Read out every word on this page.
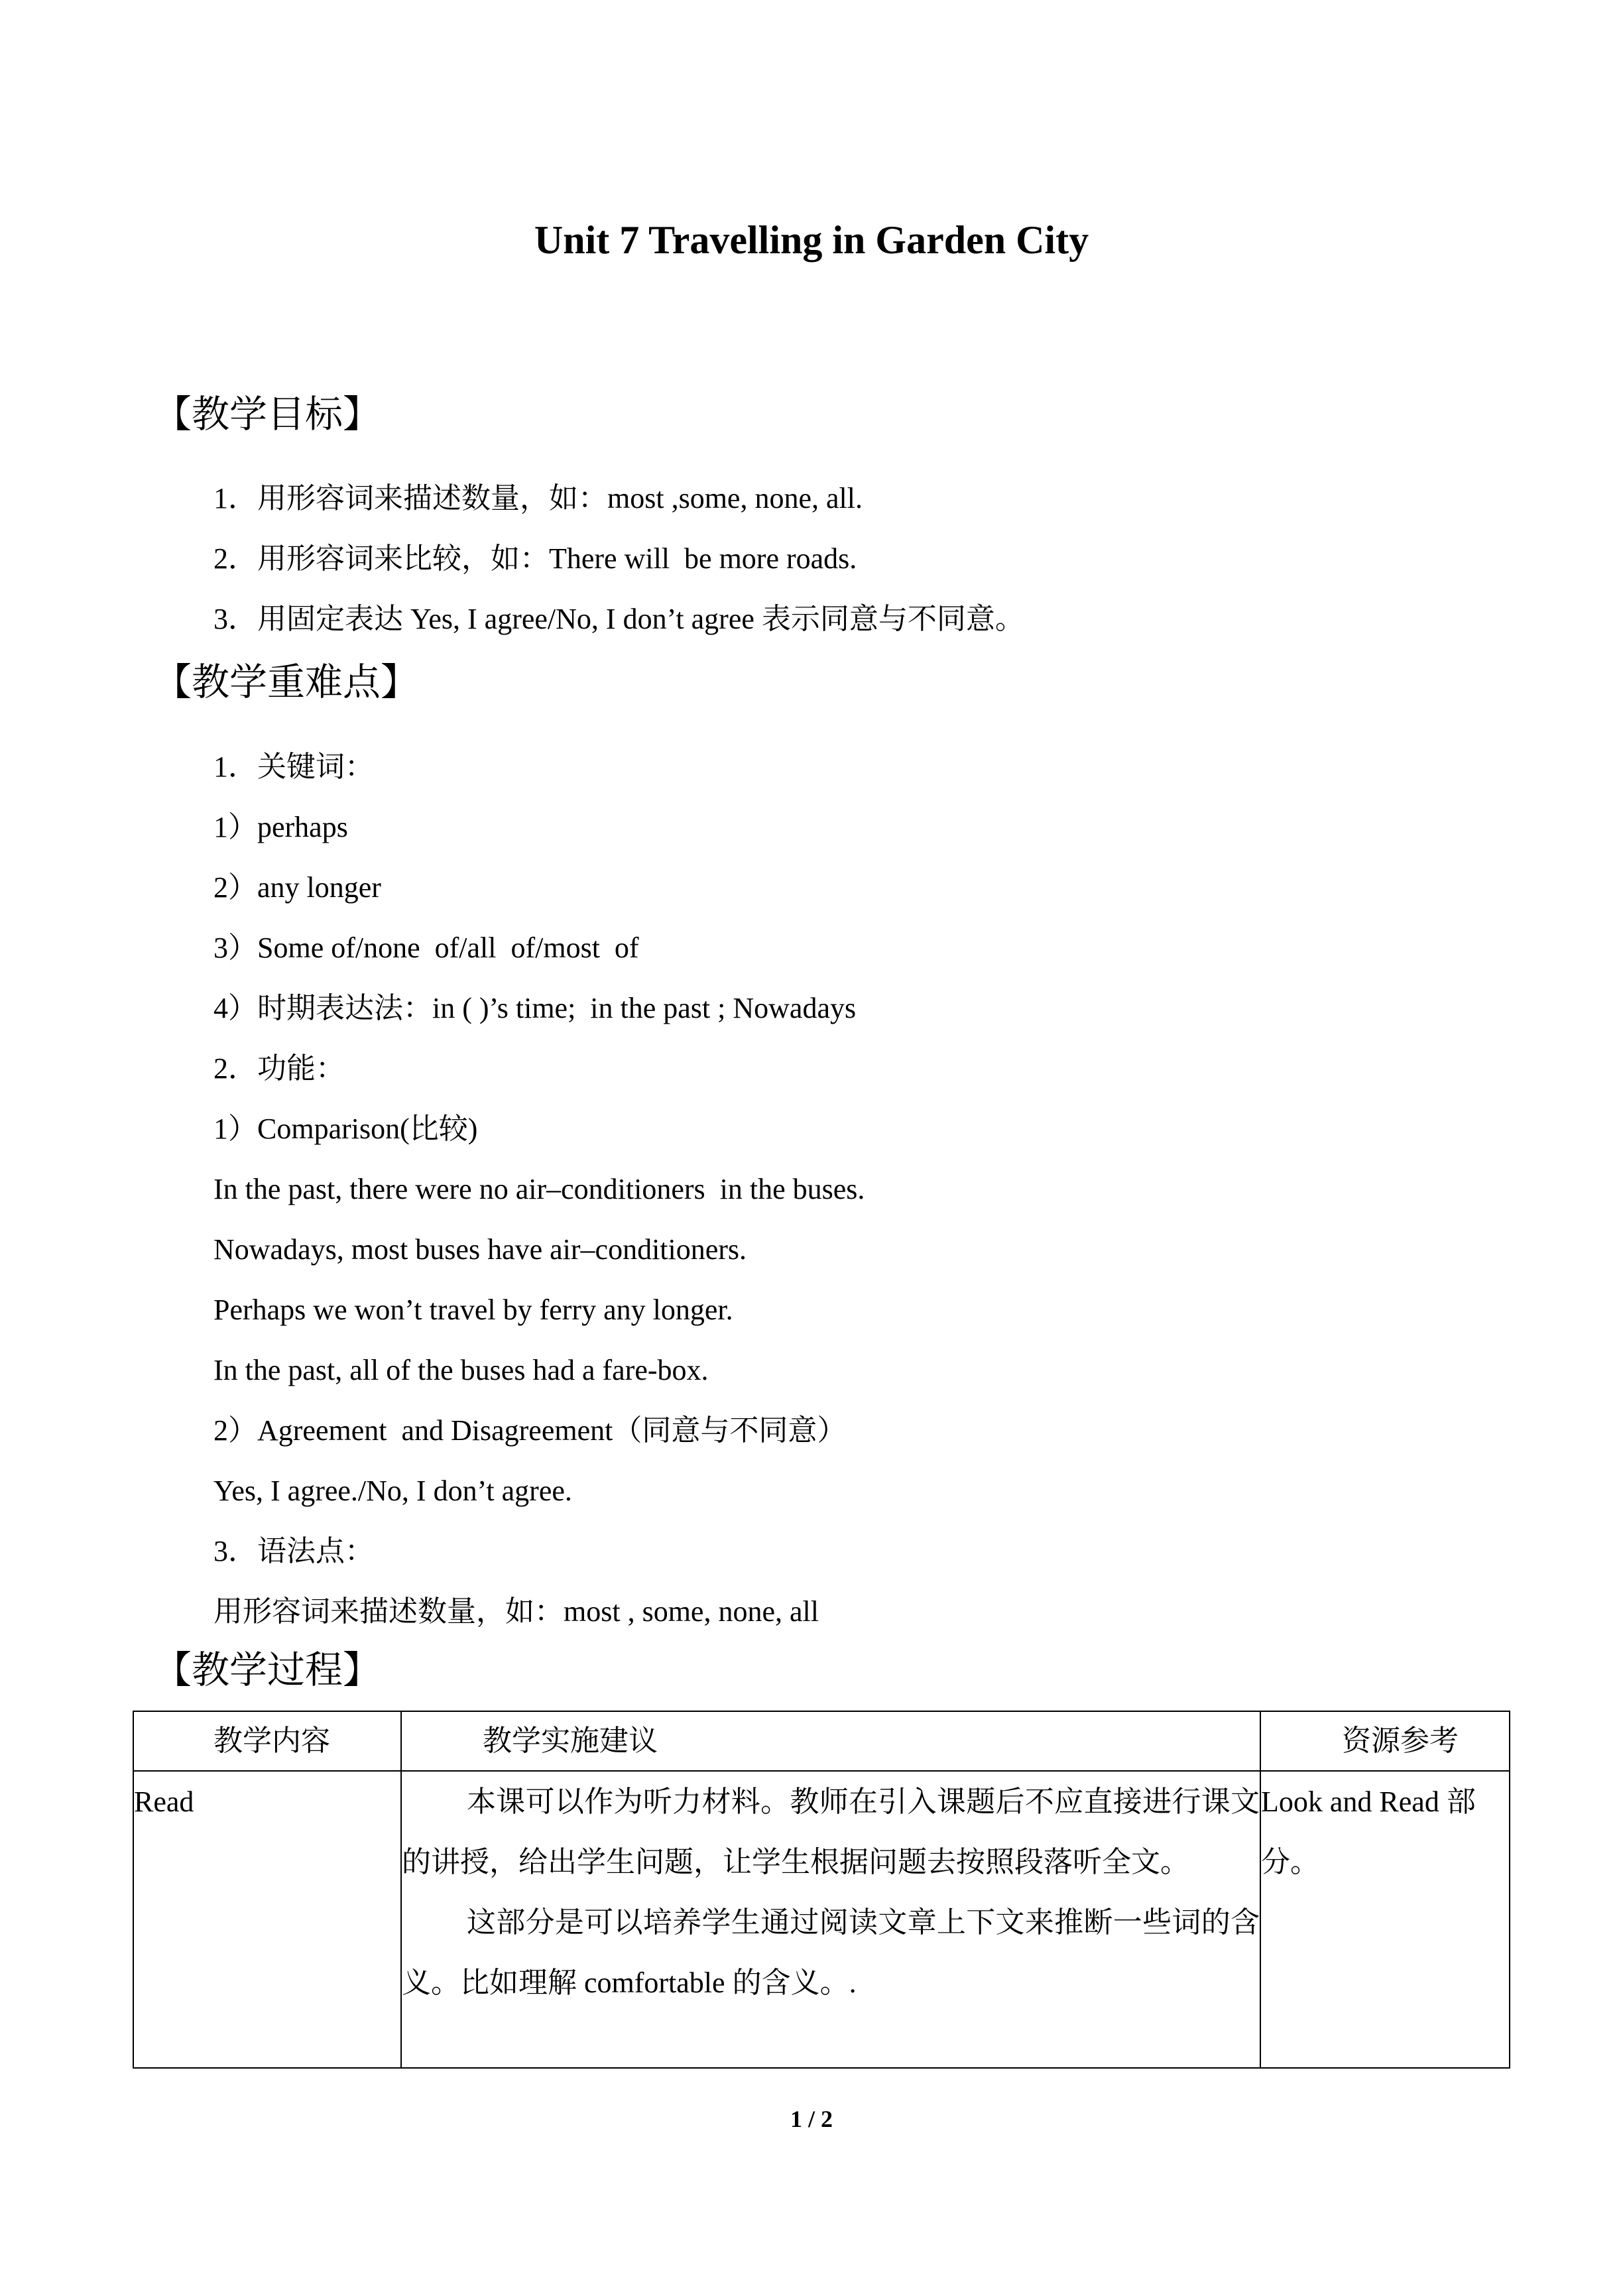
Unit 7 Travelling in Garden City
【教学目标】
1．用形容词来描述数量，如：most ,some, none, all.
2．用形容词来比较，如：There will  be more roads.
3．用固定表达 Yes, I agree/No, I don’t agree 表示同意与不同意。
【教学重难点】
1．关键词：
1）perhaps
2）any longer
3）Some of/none  of/all  of/most  of
4）时期表达法：in ( )’s time;  in the past ; Nowadays
2．功能：
1）Comparison(比较)
In the past, there were no air–conditioners  in the buses.
Nowadays, most buses have air–conditioners.
Perhaps we won’t travel by ferry any longer.
In the past, all of the buses had a fare-box.
2）Agreement  and Disagreement（同意与不同意）
Yes, I agree./No, I don’t agree.
3．语法点：
用形容词来描述数量，如：most , some, none, all
【教学过程】
教学内容	教学实施建议	资源参考
Read	本课可以作为听力材料。教师在引入课题后不应直接进行课文的讲授，给出学生问题，让学生根据问题去按照段落听全文。

这部分是可以培养学生通过阅读文章上下文来推断一些词的含义。比如理解 comfortable 的含义。.	Look and Read 部分。
1 / 2
